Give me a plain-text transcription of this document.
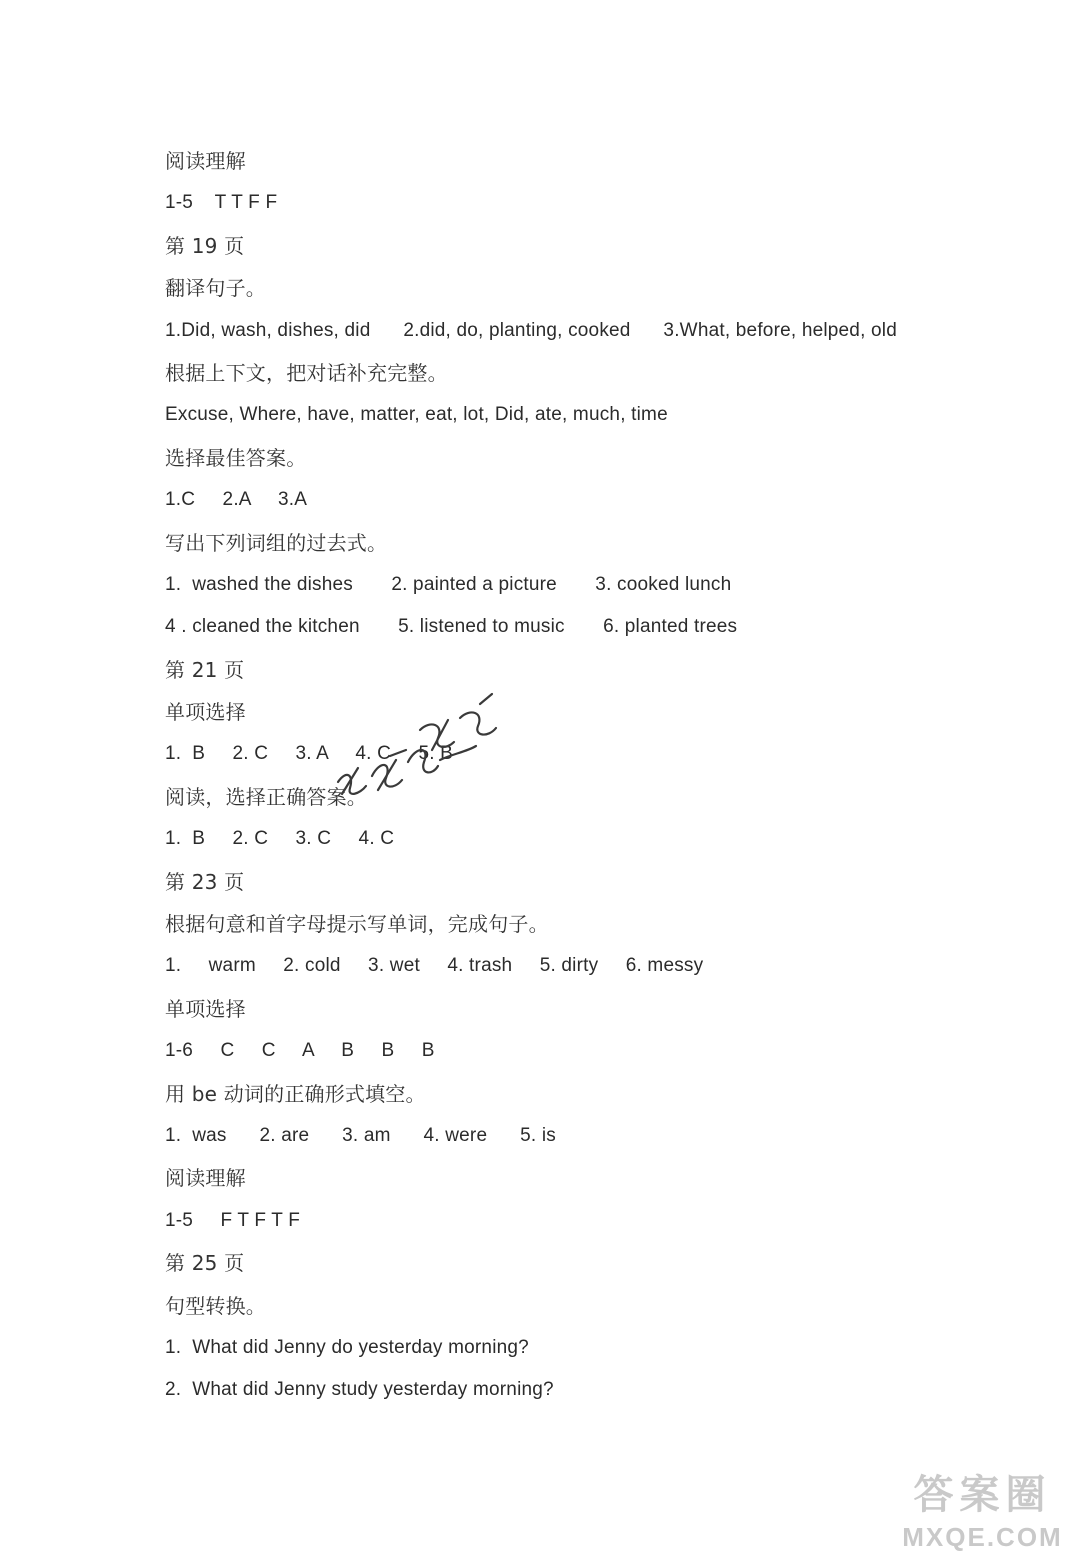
阅读理解
1-5    T T F F
第 19 页
翻译句子。
1.Did, wash, dishes, did      2.did, do, planting, cooked      3.What, before, helped, old
根据上下文，把对话补充完整。
Excuse, Where, have, matter, eat, lot, Did, ate, much, time
选择最佳答案。
1.C     2.A     3.A
写出下列词组的过去式。
1.  washed the dishes       2. painted a picture       3. cooked lunch
4 . cleaned the kitchen       5. listened to music       6. planted trees
第 21 页
单项选择
1.  B     2. C     3. A     4. C     5. B
阅读，选择正确答案。
1.  B     2. C     3. C     4. C
第 23 页
根据句意和首字母提示写单词，完成句子。
1.     warm     2. cold     3. wet     4. trash     5. dirty     6. messy
单项选择
1-6     C     C     A     B     B     B
用 be 动词的正确形式填空。
1.  was      2. are      3. am      4. were      5. is
阅读理解
1-5     F T F T F
第 25 页
句型转换。
1.  What did Jenny do yesterday morning?
2.  What did Jenny study yesterday morning?
答案圈
MXQE.COM
